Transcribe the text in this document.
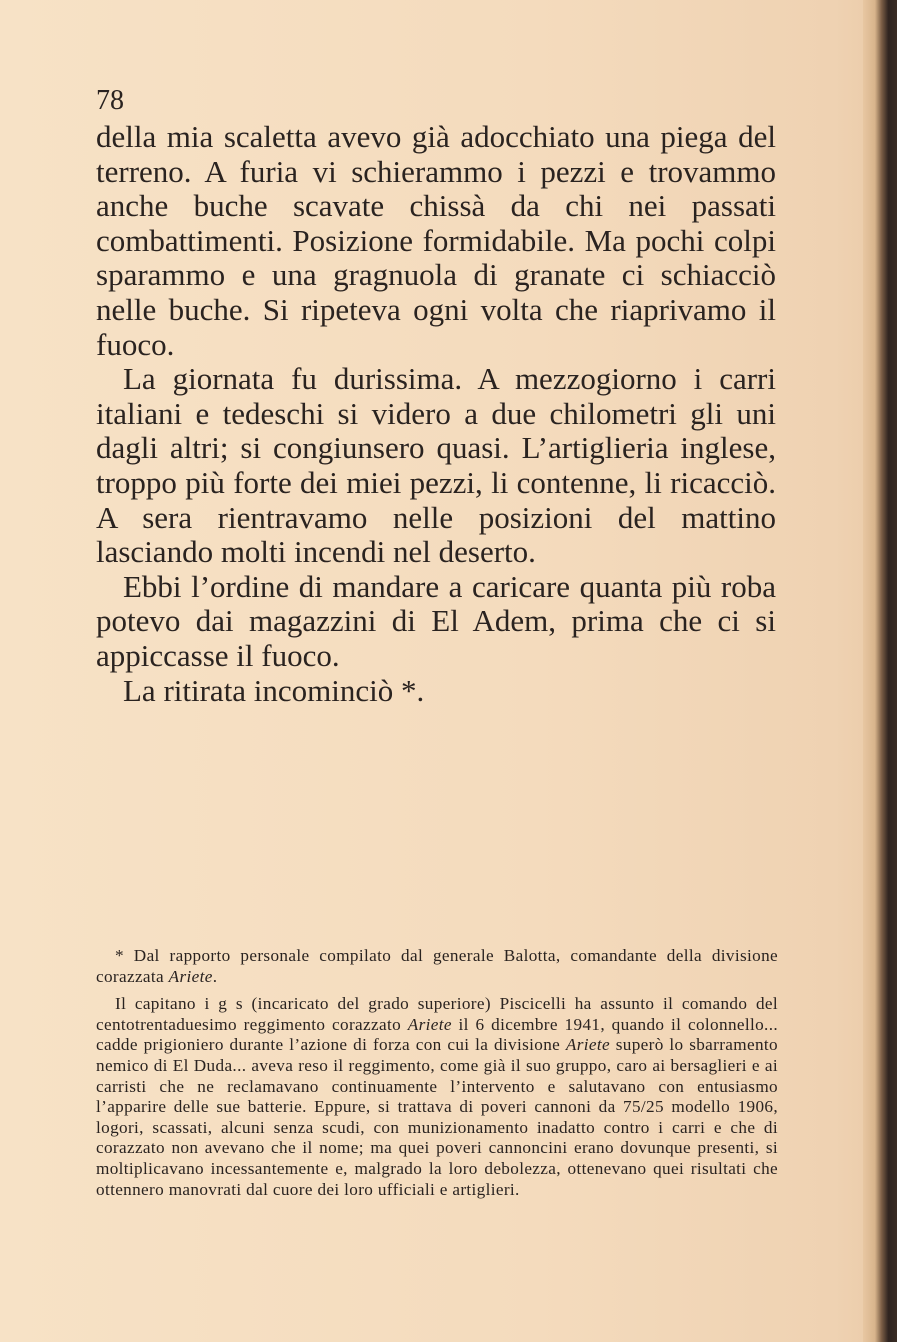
78

della mia scaletta avevo già adocchiato una piega del terreno. A furia vi schierammo i pezzi e trovammo anche buche scavate chissà da chi nei passati combattimenti. Posizione formidabile. Ma pochi colpi sparammo e una gragnuola di granate ci schiacciò nelle buche. Si ripeteva ogni volta che riaprivamo il fuoco.

La giornata fu durissima. A mezzogiorno i carri italiani e tedeschi si videro a due chilometri gli uni dagli altri; si congiunsero quasi. L’artiglieria inglese, troppo più forte dei miei pezzi, li contenne, li ricacciò. A sera rientravamo nelle posizioni del mattino lasciando molti incendi nel deserto.

Ebbi l’ordine di mandare a caricare quanta più roba potevo dai magazzini di El Adem, prima che ci si appiccasse il fuoco.

La ritirata incominciò *.

* Dal rapporto personale compilato dal generale Balotta, comandante della divisione corazzata Ariete.

Il capitano i g s (incaricato del grado superiore) Piscicelli ha assunto il comando del centotrentaduesimo reggimento corazzato Ariete il 6 dicembre 1941, quando il colonnello... cadde prigioniero durante l’azione di forza con cui la divisione Ariete superò lo sbarramento nemico di El Duda... aveva reso il reggimento, come già il suo gruppo, caro ai bersaglieri e ai carristi che ne reclamavano continuamente l’intervento e salutavano con entusiasmo l’apparire delle sue batterie. Eppure, si trattava di poveri cannoni da 75/25 modello 1906, logori, scassati, alcuni senza scudi, con munizionamento inadatto contro i carri e che di corazzato non avevano che il nome; ma quei poveri cannoncini erano dovunque presenti, si moltiplicavano incessantemente e, malgrado la loro debolezza, ottenevano quei risultati che ottennero manovrati dal cuore dei loro ufficiali e artiglieri.
